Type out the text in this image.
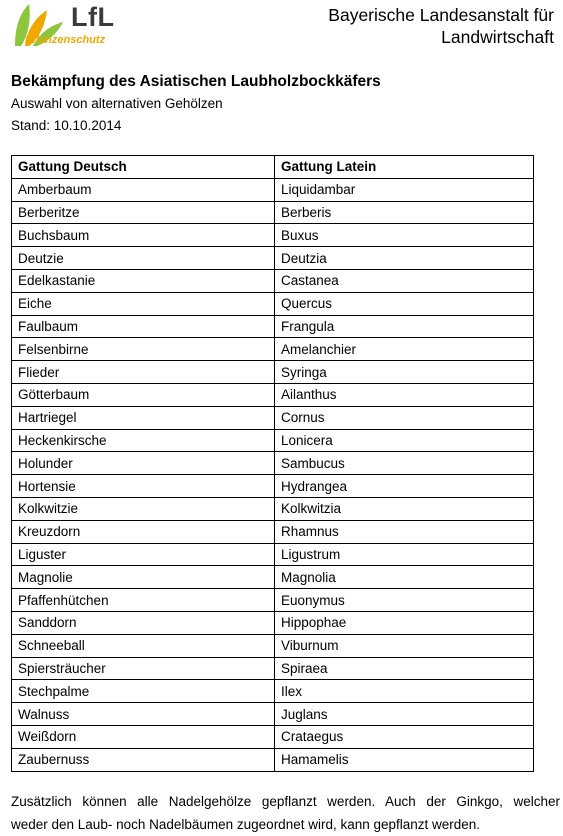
LfL
Pflanzenschutz
Bayerische Landesanstalt für
Landwirtschaft
Bekämpfung des Asiatischen Laubholzbockkäfers
Auswahl von alternativen Gehölzen
Stand: 10.10.2014
Gattung Deutsch	Gattung Latein
Amberbaum	Liquidambar
Berberitze	Berberis
Buchsbaum	Buxus
Deutzie	Deutzia
Edelkastanie	Castanea
Eiche	Quercus
Faulbaum	Frangula
Felsenbirne	Amelanchier
Flieder	Syringa
Götterbaum	Ailanthus
Hartriegel	Cornus
Heckenkirsche	Lonicera
Holunder	Sambucus
Hortensie	Hydrangea
Kolkwitzie	Kolkwitzia
Kreuzdorn	Rhamnus
Liguster	Ligustrum
Magnolie	Magnolia
Pfaffenhütchen	Euonymus
Sanddorn	Hippophae
Schneeball	Viburnum
Spiersträucher	Spiraea
Stechpalme	Ilex
Walnuss	Juglans
Weißdorn	Crataegus
Zaubernuss	Hamamelis
Zusätzlich können alle Nadelgehölze gepflanzt werden. Auch der Ginkgo, welcher
weder den Laub- noch Nadelbäumen zugeordnet wird, kann gepflanzt werden.
